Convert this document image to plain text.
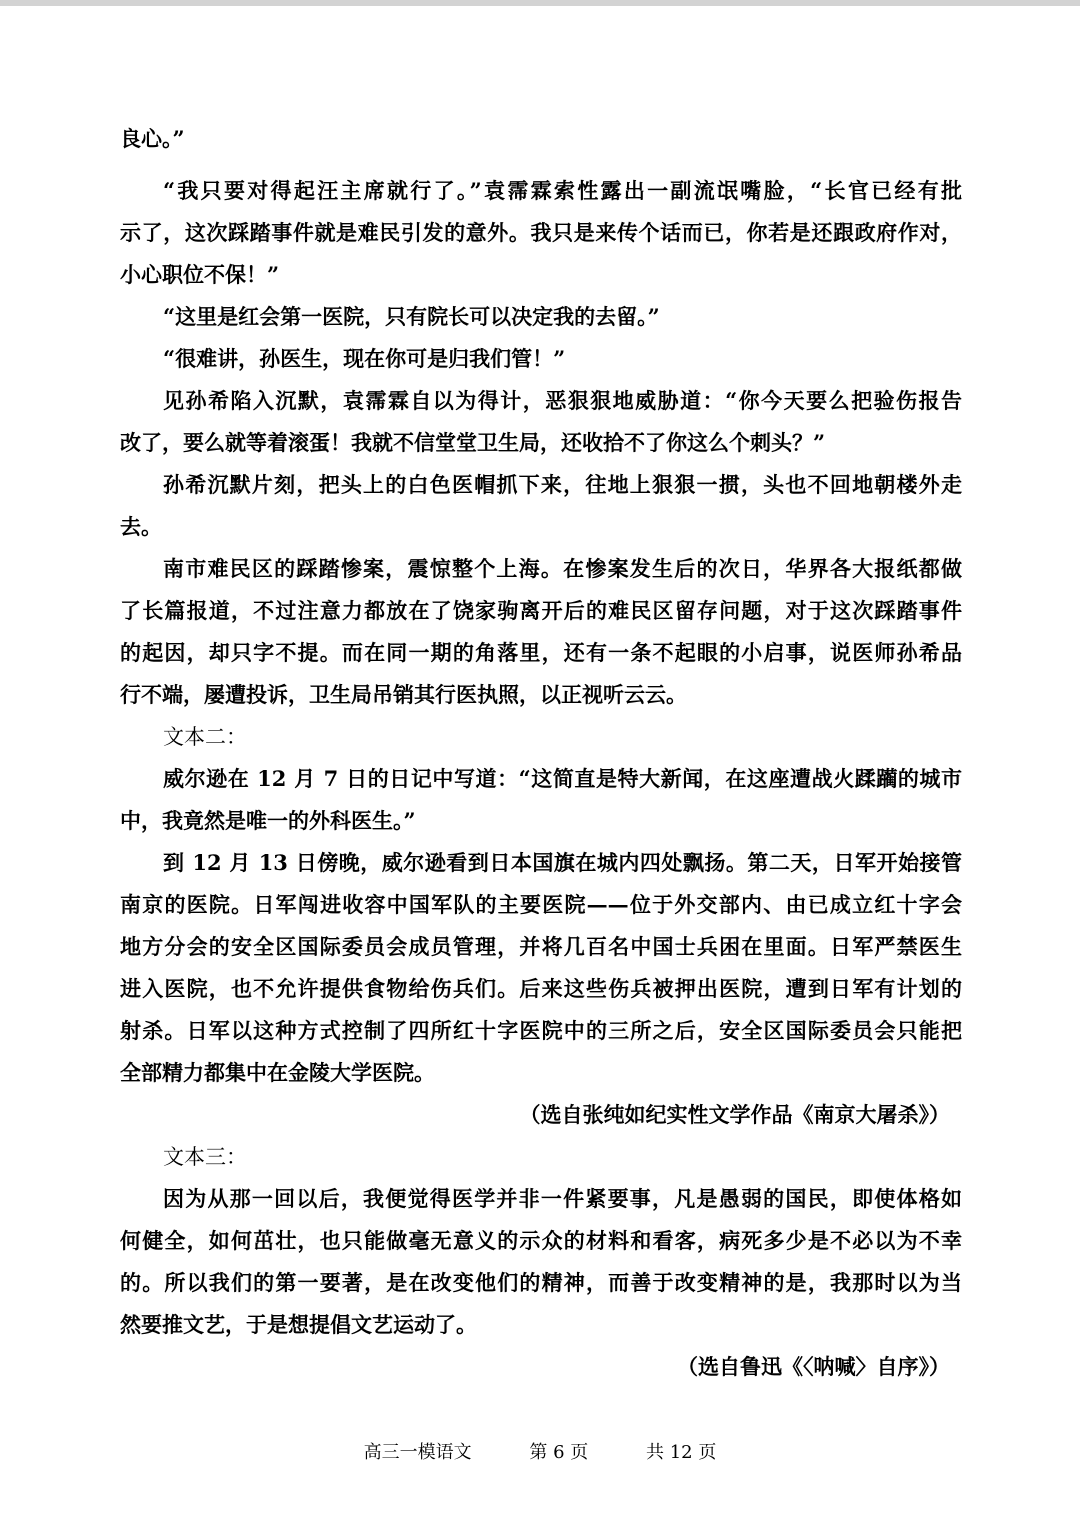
良心。”
“我只要对得起汪主席就行了。”袁霈霖索性露出一副流氓嘴脸，“长官已经有批
示了，这次踩踏事件就是难民引发的意外。我只是来传个话而已，你若是还跟政府作对，
小心职位不保！”
“这里是红会第一医院，只有院长可以决定我的去留。”
“很难讲，孙医生，现在你可是归我们管！”
见孙希陷入沉默，袁霈霖自以为得计，恶狠狠地威胁道：“你今天要么把验伤报告
改了，要么就等着滚蛋！我就不信堂堂卫生局，还收拾不了你这么个刺头？”
孙希沉默片刻，把头上的白色医帽抓下来，往地上狠狠一掼，头也不回地朝楼外走
去。
南市难民区的踩踏惨案，震惊整个上海。在惨案发生后的次日，华界各大报纸都做
了长篇报道，不过注意力都放在了饶家驹离开后的难民区留存问题，对于这次踩踏事件
的起因，却只字不提。而在同一期的角落里，还有一条不起眼的小启事，说医师孙希品
行不端，屡遭投诉，卫生局吊销其行医执照，以正视听云云。
文本二：
威尔逊在 12 月 7 日的日记中写道：“这简直是特大新闻，在这座遭战火蹂躏的城市
中，我竟然是唯一的外科医生。”
到 12 月 13 日傍晚，威尔逊看到日本国旗在城内四处飘扬。第二天，日军开始接管
南京的医院。日军闯进收容中国军队的主要医院——位于外交部内、由已成立红十字会
地方分会的安全区国际委员会成员管理，并将几百名中国士兵困在里面。日军严禁医生
进入医院，也不允许提供食物给伤兵们。后来这些伤兵被押出医院，遭到日军有计划的
射杀。日军以这种方式控制了四所红十字医院中的三所之后，安全区国际委员会只能把
全部精力都集中在金陵大学医院。
（选自张纯如纪实性文学作品《南京大屠杀》）
文本三：
因为从那一回以后，我便觉得医学并非一件紧要事，凡是愚弱的国民，即使体格如
何健全，如何茁壮，也只能做毫无意义的示众的材料和看客，病死多少是不必以为不幸
的。所以我们的第一要著，是在改变他们的精神，而善于改变精神的是，我那时以为当
然要推文艺，于是想提倡文艺运动了。
（选自鲁迅《〈呐喊〉自序》）
高三一模语文	第 6 页	共 12 页
